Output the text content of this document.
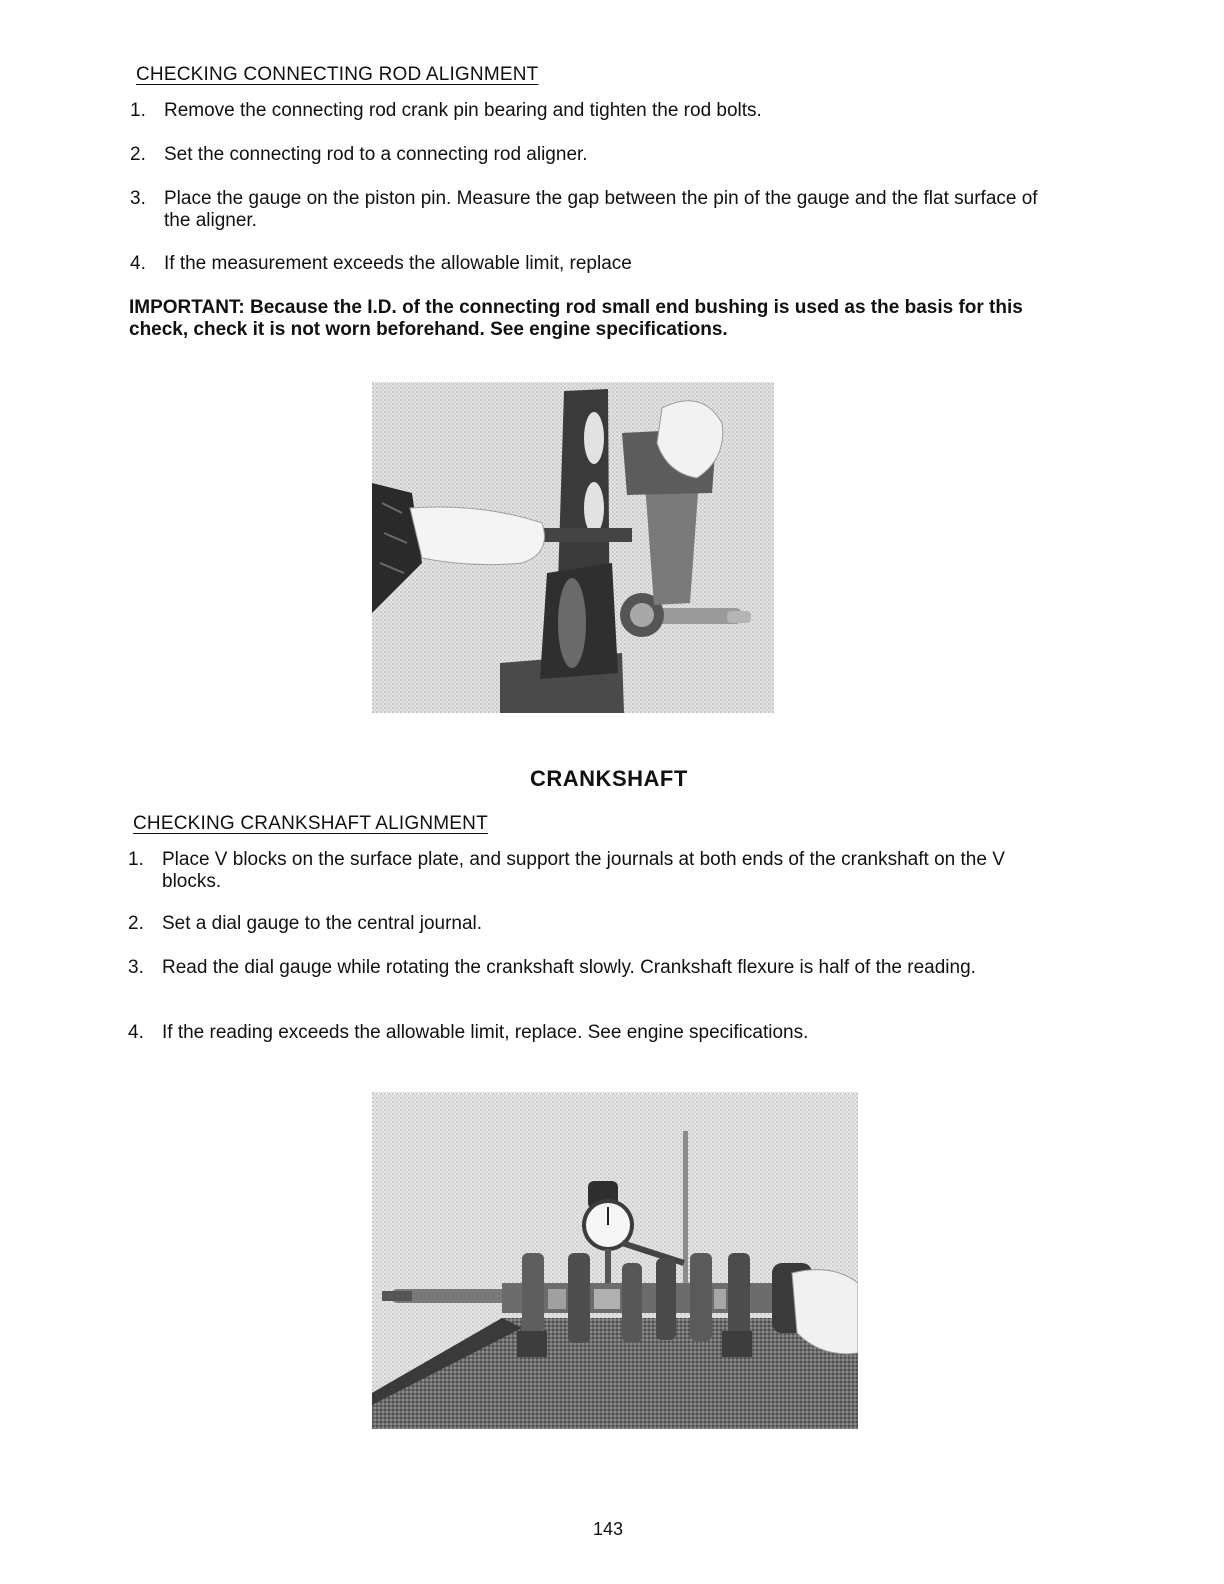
CHECKING CONNECTING ROD ALIGNMENT
1. Remove the connecting rod crank pin bearing and tighten the rod bolts.
2. Set the connecting rod to a connecting rod aligner.
3. Place the gauge on the piston pin. Measure the gap between the pin of the gauge and the flat surface of the aligner.
4. If the measurement exceeds the allowable limit, replace
IMPORTANT: Because the I.D. of the connecting rod small end bushing is used as the basis for this check, check it is not worn beforehand. See engine specifications.
CRANKSHAFT
CHECKING CRANKSHAFT ALIGNMENT
1. Place V blocks on the surface plate, and support the journals at both ends of the crankshaft on the V blocks.
2. Set a dial gauge to the central journal.
3. Read the dial gauge while rotating the crankshaft slowly. Crankshaft flexure is half of the reading.
4. If the reading exceeds the allowable limit, replace. See engine specifications.
143
